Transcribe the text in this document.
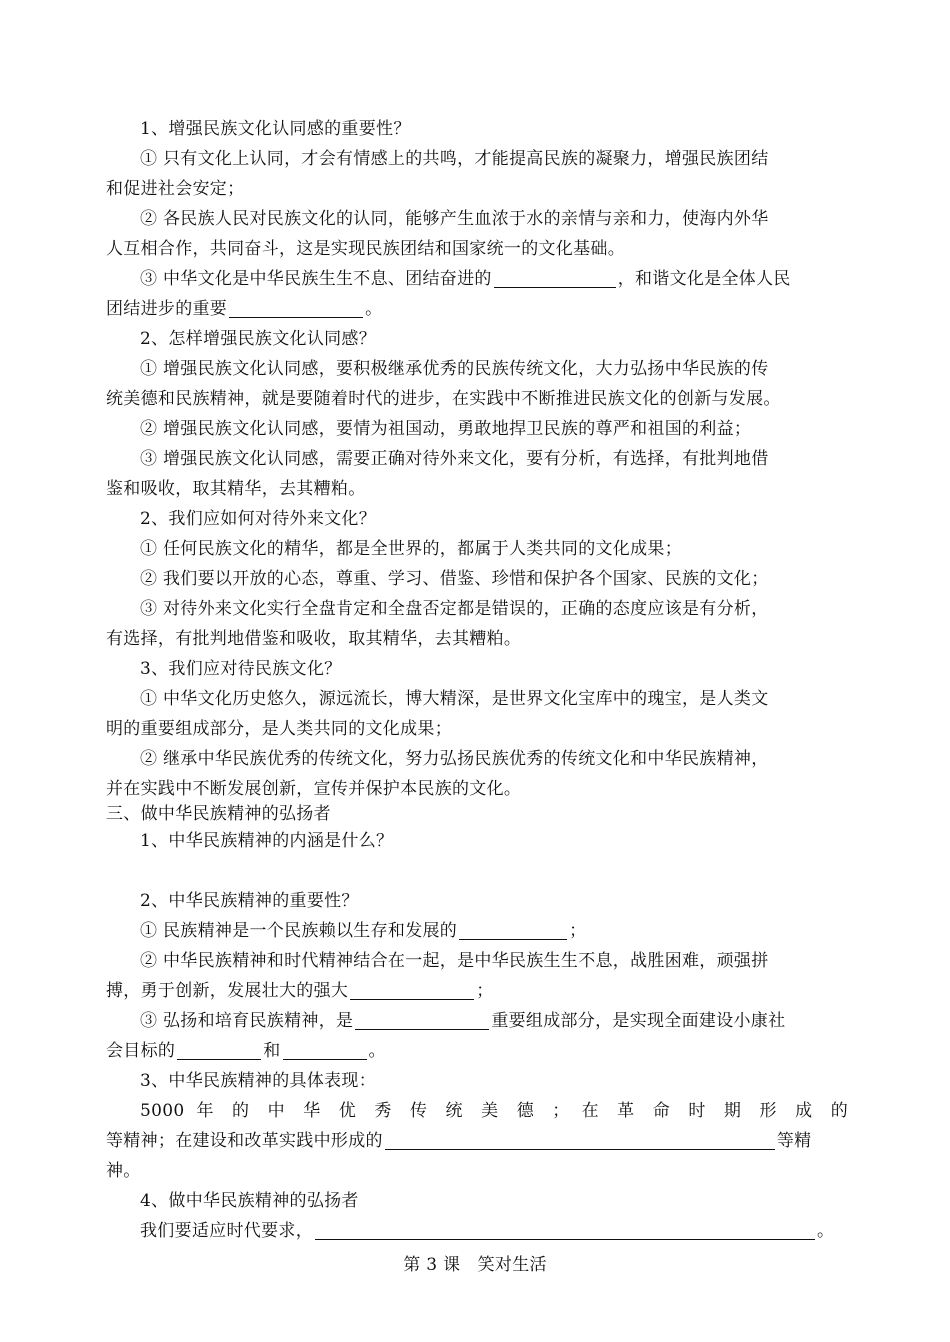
1、增强民族文化认同感的重要性？
① 只有文化上认同，才会有情感上的共鸣，才能提高民族的凝聚力，增强民族团结
和促进社会安定；
② 各民族人民对民族文化的认同，能够产生血浓于水的亲情与亲和力，使海内外华
人互相合作，共同奋斗，这是实现民族团结和国家统一的文化基础。
③ 中华文化是中华民族生生不息、团结奋进的	，和谐文化是全体人民
团结进步的重要	。
2、怎样增强民族文化认同感？
① 增强民族文化认同感，要积极继承优秀的民族传统文化，大力弘扬中华民族的传
统美德和民族精神，就是要随着时代的进步，在实践中不断推进民族文化的创新与发展。
② 增强民族文化认同感，要情为祖国动，勇敢地捍卫民族的尊严和祖国的利益；
③ 增强民族文化认同感，需要正确对待外来文化，要有分析，有选择，有批判地借
鉴和吸收，取其精华，去其糟粕。
2、我们应如何对待外来文化？
① 任何民族文化的精华，都是全世界的，都属于人类共同的文化成果；
② 我们要以开放的心态，尊重、学习、借鉴、珍惜和保护各个国家、民族的文化；
③ 对待外来文化实行全盘肯定和全盘否定都是错误的，正确的态度应该是有分析，
有选择，有批判地借鉴和吸收，取其精华，去其糟粕。
3、我们应对待民族文化？
① 中华文化历史悠久，源远流长，博大精深，是世界文化宝库中的瑰宝，是人类文
明的重要组成部分，是人类共同的文化成果；
② 继承中华民族优秀的传统文化，努力弘扬民族优秀的传统文化和中华民族精神，
并在实践中不断发展创新，宣传并保护本民族的文化。
三、做中华民族精神的弘扬者
1、中华民族精神的内涵是什么？
2、中华民族精神的重要性？
① 民族精神是一个民族赖以生存和发展的	；
② 中华民族精神和时代精神结合在一起，是中华民族生生不息，战胜困难，顽强拼
搏，勇于创新，发展壮大的强大	；
③ 弘扬和培育民族精神，是	重要组成部分，是实现全面建设小康社
会目标的	和	。
3、中华民族精神的具体表现：
5000 年 的 中 华 优 秀 传 统 美 德 ； 在 革 命 时 期 形 成 的
等精神；在建设和改革实践中形成的	等精
神。
4、做中华民族精神的弘扬者
我们要适应时代要求，	。
第 3 课　笑对生活
